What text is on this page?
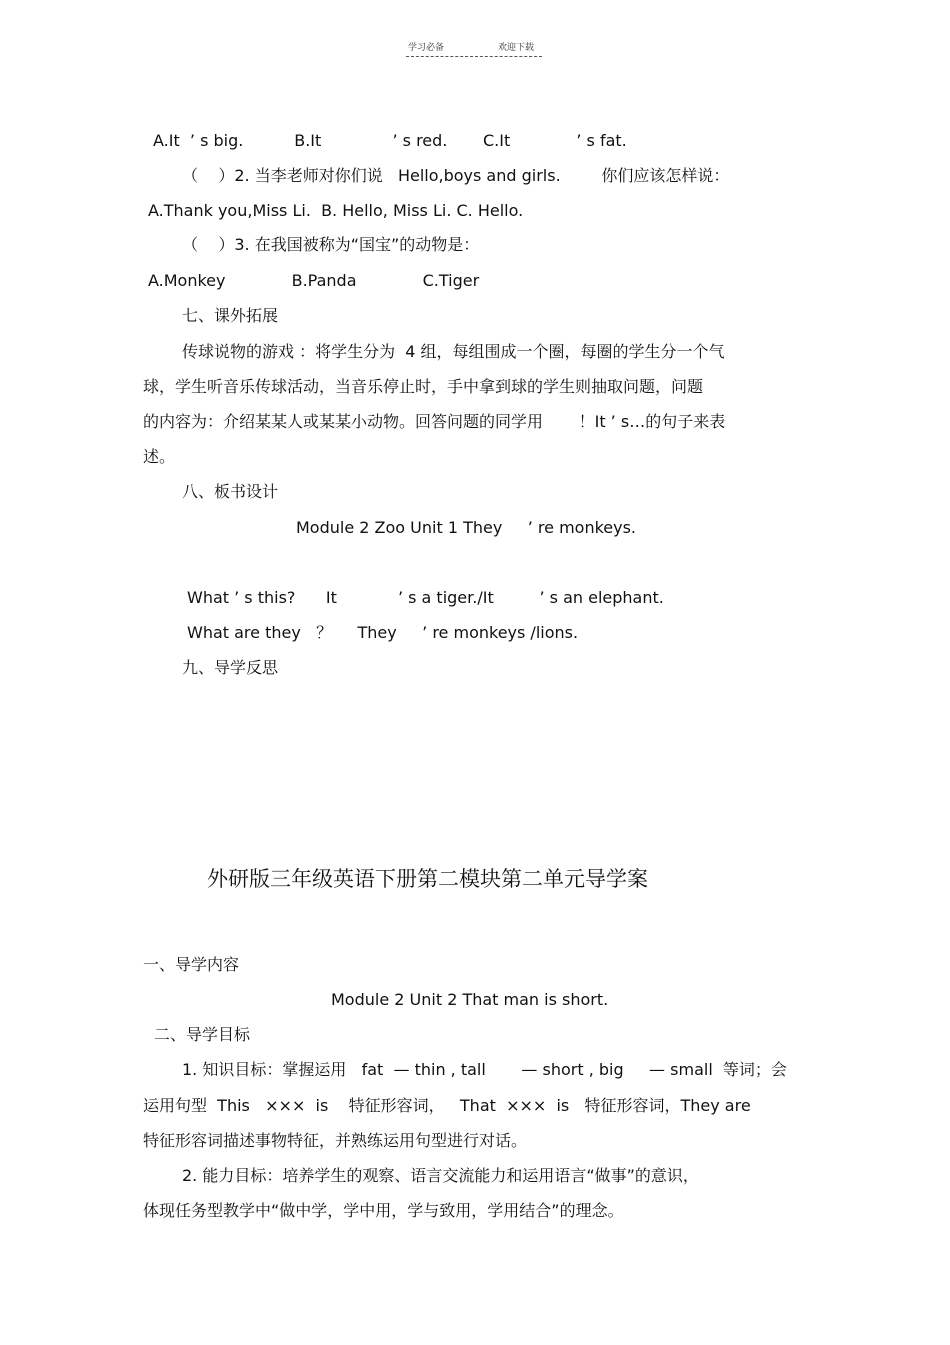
学习必备	欢迎下载
A.It  ’ s big.          B.It              ’ s red.       C.It             ’ s fat.
（    ）2. 当李老师对你们说   Hello,boys and girls.        你们应该怎样说：
A.Thank you,Miss Li.  B. Hello, Miss Li. C. Hello.
（    ）3. 在我国被称为“国宝”的动物是：
A.Monkey             B.Panda             C.Tiger
七、课外拓展
传球说物的游戏 ：将学生分为  4 组，每组围成一个圈，每圈的学生分一个气
球，学生听音乐传球活动，当音乐停止时，手中拿到球的学生则抽取问题，问题
的内容为：介绍某某人或某某小动物。回答问题的同学用       ！It ’ s…的句子来表
述。
八、板书设计
Module 2 Zoo Unit 1 They     ’ re monkeys.
What ’ s this?      It            ’ s a tiger./It         ’ s an elephant.
What are they   ？     They     ’ re monkeys /lions.
九、导学反思
外研版三年级英语下册第二模块第二单元导学案
一、导学内容
Module 2 Unit 2 That man is short.
二、导学目标
1. 知识目标：掌握运用   fat  — thin , tall       — short , big     — small  等词；会
运用句型  This   ×××  is    特征形容词，   That  ×××  is   特征形容词，They are
特征形容词描述事物特征，并熟练运用句型进行对话。
2. 能力目标：培养学生的观察、语言交流能力和运用语言“做事”的意识，
体现任务型教学中“做中学，学中用，学与致用，学用结合”的理念。
